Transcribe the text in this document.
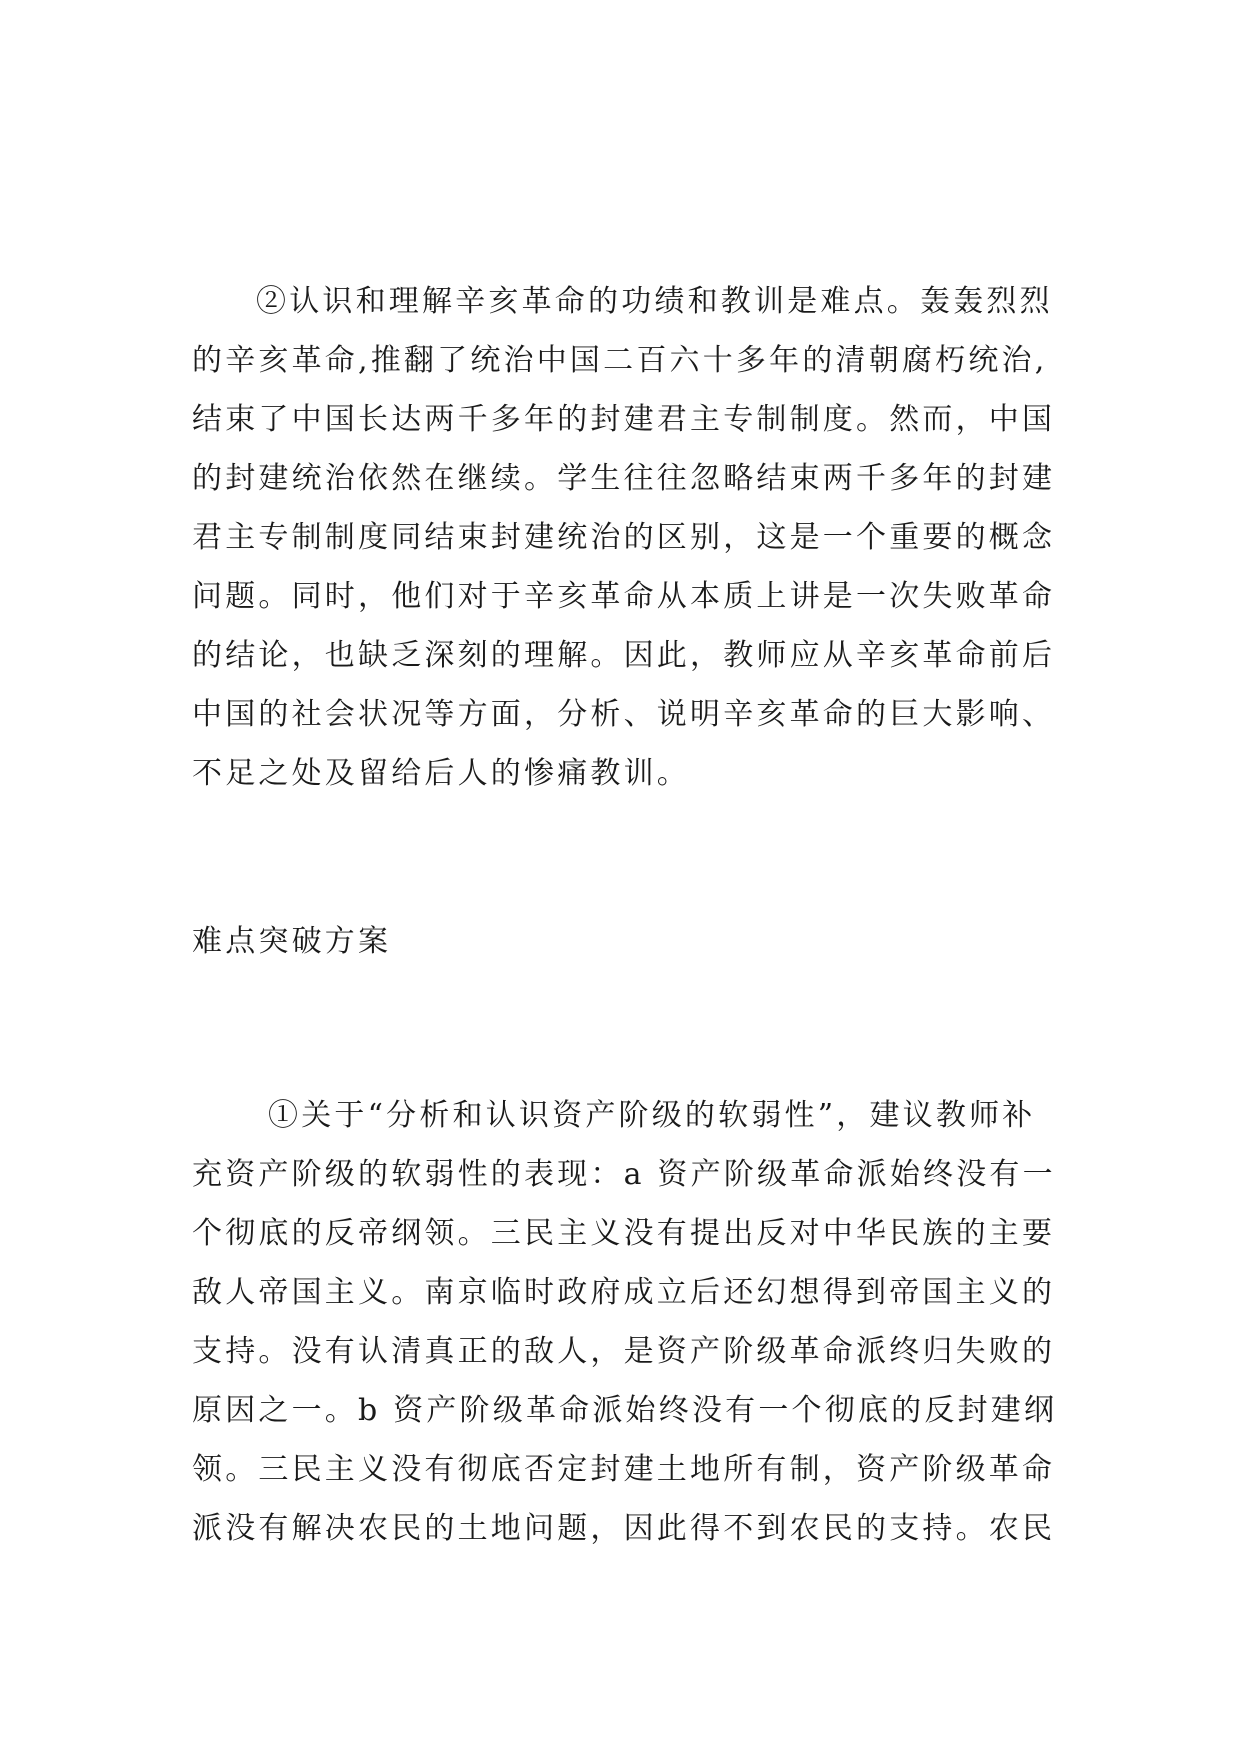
②认识和理解辛亥革命的功绩和教训是难点。轰轰烈烈
的辛亥革命,推翻了统治中国二百六十多年的清朝腐朽统治,
结束了中国长达两千多年的封建君主专制制度。然而，中国
的封建统治依然在继续。学生往往忽略结束两千多年的封建
君主专制制度同结束封建统治的区别，这是一个重要的概念
问题。同时，他们对于辛亥革命从本质上讲是一次失败革命
的结论，也缺乏深刻的理解。因此，教师应从辛亥革命前后
中国的社会状况等方面，分析、说明辛亥革命的巨大影响、
不足之处及留给后人的惨痛教训。

难点突破方案

①关于“分析和认识资产阶级的软弱性”，建议教师补
充资产阶级的软弱性的表现：a 资产阶级革命派始终没有一
个彻底的反帝纲领。三民主义没有提出反对中华民族的主要
敌人帝国主义。南京临时政府成立后还幻想得到帝国主义的
支持。没有认清真正的敌人，是资产阶级革命派终归失败的
原因之一。b 资产阶级革命派始终没有一个彻底的反封建纲
领。三民主义没有彻底否定封建土地所有制，资产阶级革命
派没有解决农民的土地问题，因此得不到农民的支持。农民
